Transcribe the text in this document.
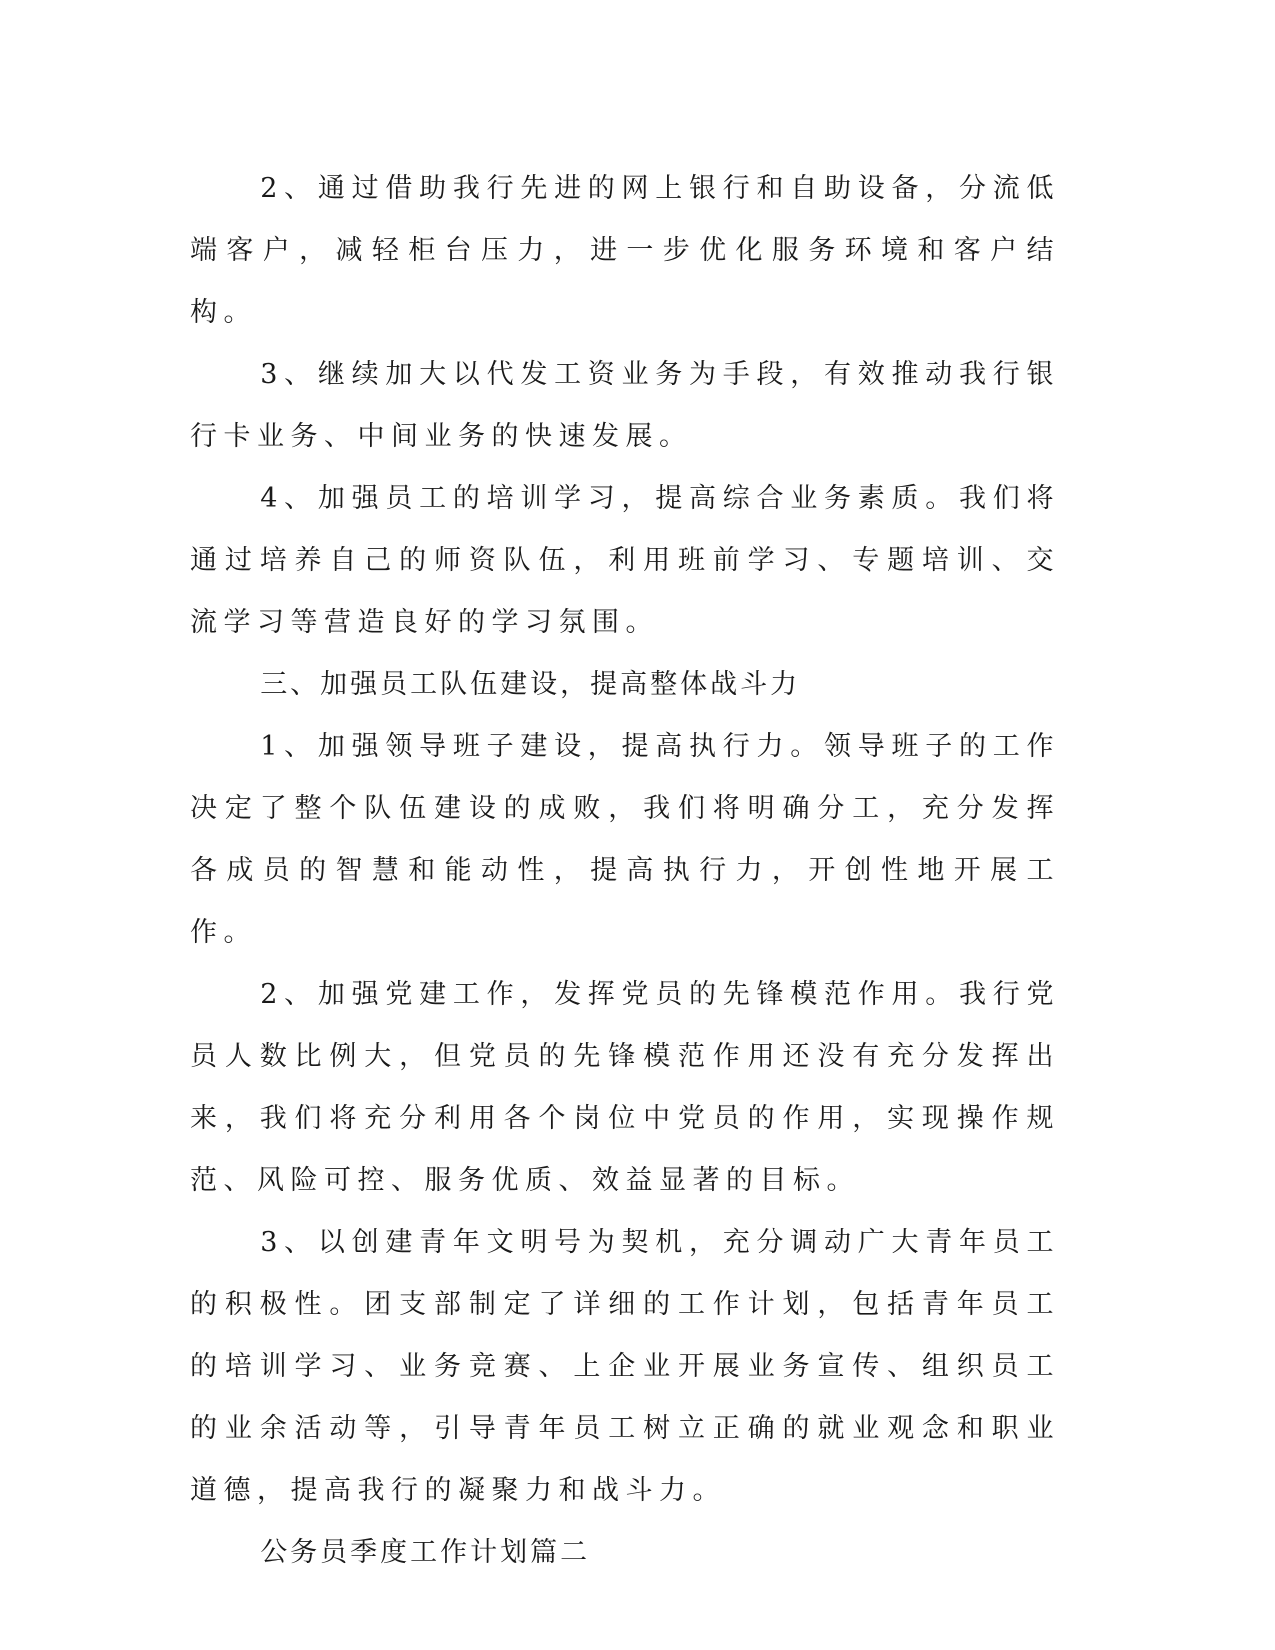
2、通过借助我行先进的网上银行和自助设备，分流低端客户，减轻柜台压力，进一步优化服务环境和客户结构。

3、继续加大以代发工资业务为手段，有效推动我行银行卡业务、中间业务的快速发展。

4、加强员工的培训学习，提高综合业务素质。我们将通过培养自己的师资队伍，利用班前学习、专题培训、交流学习等营造良好的学习氛围。

三、加强员工队伍建设，提高整体战斗力

1、加强领导班子建设，提高执行力。领导班子的工作决定了整个队伍建设的成败，我们将明确分工，充分发挥各成员的智慧和能动性，提高执行力，开创性地开展工作。

2、加强党建工作，发挥党员的先锋模范作用。我行党员人数比例大，但党员的先锋模范作用还没有充分发挥出来，我们将充分利用各个岗位中党员的作用，实现操作规范、风险可控、服务优质、效益显著的目标。

3、以创建青年文明号为契机，充分调动广大青年员工的积极性。团支部制定了详细的工作计划，包括青年员工的培训学习、业务竞赛、上企业开展业务宣传、组织员工的业余活动等，引导青年员工树立正确的就业观念和职业道德，提高我行的凝聚力和战斗力。

公务员季度工作计划篇二
